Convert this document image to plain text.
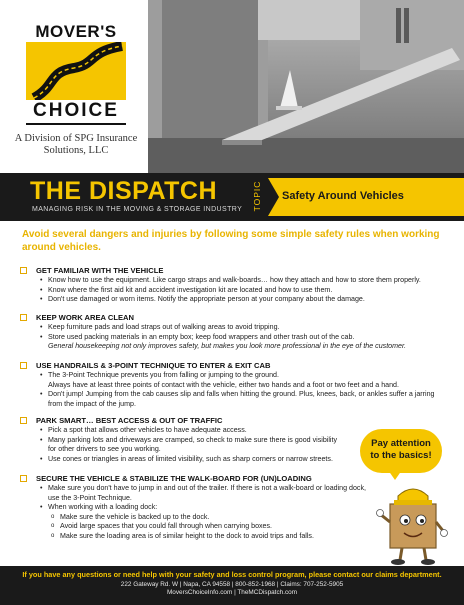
MOVER'S
CHOICE
A Division of SPG Insurance Solutions, LLC
THE DISPATCH
MANAGING RISK IN THE MOVING & STORAGE INDUSTRY TOPIC Safety Around Vehicles
Avoid several dangers and injuries by following some simple safety rules when working around vehicles.
GET FAMILIAR WITH THE VEHICLE
• Know how to use the equipment. Like cargo straps and walk-boards… how they attach and how to store them properly.
• Know where the first aid kit and accident investigation kit are located and how to use them.
• Don't use damaged or worn items. Notify the appropriate person at your company about the damage.
KEEP WORK AREA CLEAN
• Keep furniture pads and load straps out of walking areas to avoid tripping.
• Store used packing materials in an empty box; keep food wrappers and other trash out of the cab.
General housekeeping not only improves safety, but makes you look more professional in the eye of the customer.
USE HANDRAILS & 3-POINT TECHNIQUE TO ENTER & EXIT CAB
• The 3-Point Technique prevents you from falling or jumping to the ground.
Always have at least three points of contact with the vehicle, either two hands and a foot or two feet and a hand.
• Don't jump! Jumping from the cab causes slip and falls when hitting the ground. Plus, knees, back, or ankles suffer a jarring from the impact of the jump.
PARK SMART… BEST ACCESS & OUT OF TRAFFIC
• Pick a spot that allows other vehicles to have adequate access.
• Many parking lots and driveways are cramped, so check to make sure there is good visibility for other drivers to see you working.
• Use cones or triangles in areas of limited visibility, such as sharp corners or narrow streets.
SECURE THE VEHICLE & STABILIZE THE WALK-BOARD FOR (UN)LOADING
• Make sure you don't have to jump in and out of the trailer. If there is not a walk-board or loading dock, use the 3-Point Technique.
• When working with a loading dock:
o Make sure the vehicle is backed up to the dock.
o Avoid large spaces that you could fall through when carrying boxes.
o Make sure the loading area is of similar height to the dock to avoid trips and falls.
Pay attention
to the basics!
If you have any questions or need help with your safety and loss control program, please contact our claims department.
222 Gateway Rd. W | Napa, CA 94558 | 800-852-1968 | Claims: 707-252-5905
MoversChoiceInfo.com | TheMCDispatch.com
